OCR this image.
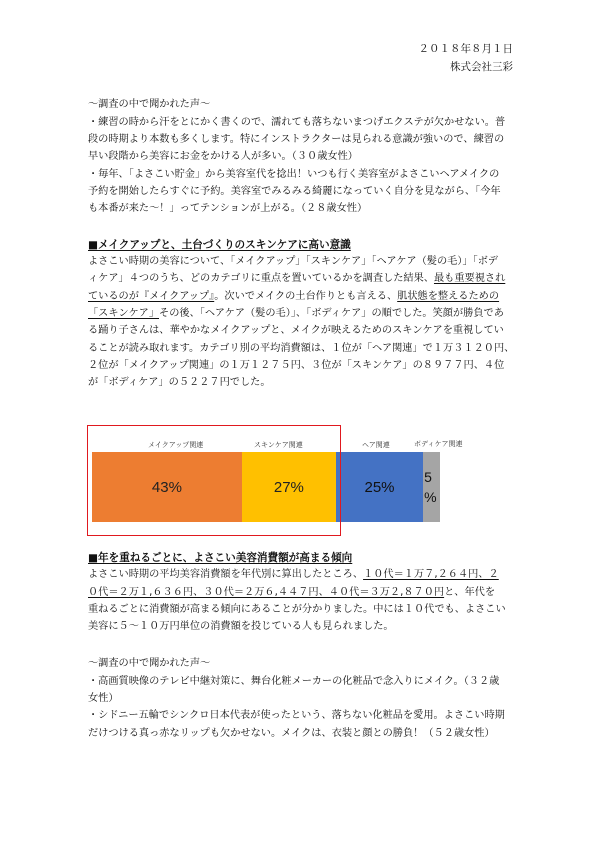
２０１８年８月１日
株式会社三彩
〜調査の中で聞かれた声〜
・練習の時から汗をとにかく書くので、濡れても落ちないまつげエクステが欠かせない。普
段の時期より本数も多くします。特にインストラクターは見られる意識が強いので、練習の
早い段階から美容にお金をかける人が多い。（３０歳女性）
・毎年、「よさこい貯金」から美容室代を捻出！いつも行く美容室がよさこいヘアメイクの
予約を開始したらすぐに予約。美容室でみるみる綺麗になっていく自分を見ながら、「今年
も本番が来た〜！」ってテンションが上がる。（２８歳女性）
■メイクアップと、土台づくりのスキンケアに高い意識
よさこい時期の美容について、「メイクアップ」「スキンケア」「ヘアケア（髪の毛）」「ボデ
ィケア」４つのうち、どのカテゴリに重点を置いているかを調査した結果、最も重要視され
ているのが『メイクアップ』。次いでメイクの土台作りとも言える、肌状態を整えるための
「スキンケア」その後、「ヘアケア（髪の毛）」、「ボディケア」の順でした。笑顔が勝負であ
る踊り子さんは、華やかなメイクアップと、メイクが映えるためのスキンケアを重視してい
ることが読み取れます。カテゴリ別の平均消費額は、１位が「ヘア関連」で１万３１２０円、
２位が「メイクアップ関連」の１万１２７５円、３位が「スキンケア」の８９７７円、４位
が「ボディケア」の５２２７円でした。
メイクアップ関連	スキンケア関連	ヘア関連	ボディケア関連
43%	27%	25%
5
%
■年を重ねるごとに、よさこい美容消費額が高まる傾向
よさこい時期の平均美容消費額を年代別に算出したところ、１０代＝１万７,２６４円、２
０代＝２万１,６３６円、３０代＝２万６,４４７円、４０代＝３万２,８７０円と、年代を
重ねるごとに消費額が高まる傾向にあることが分かりました。中には１０代でも、よさこい
美容に５〜１０万円単位の消費額を投じている人も見られました。
〜調査の中で聞かれた声〜
・高画質映像のテレビ中継対策に、舞台化粧メーカーの化粧品で念入りにメイク。（３２歳
女性）
・シドニー五輪でシンクロ日本代表が使ったという、落ちない化粧品を愛用。よさこい時期
だけつける真っ赤なリップも欠かせない。メイクは、衣装と顔との勝負！（５２歳女性）
